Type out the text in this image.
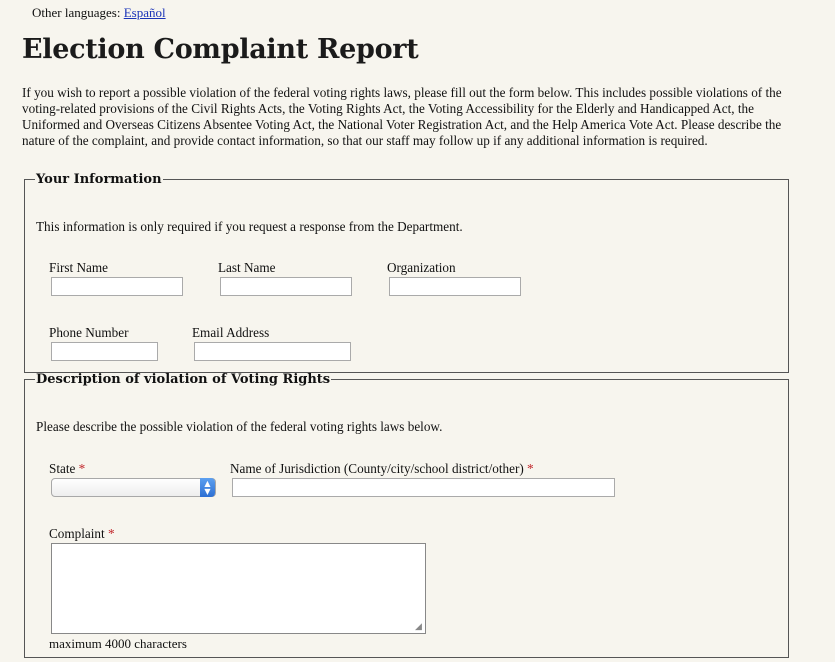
Other languages: Español
Election Complaint Report

If you wish to report a possible violation of the federal voting rights laws, please fill out the form below. This includes possible violations of the voting-related provisions of the Civil Rights Acts, the Voting Rights Act, the Voting Accessibility for the Elderly and Handicapped Act, the Uniformed and Overseas Citizens Absentee Voting Act, the National Voter Registration Act, and the Help America Vote Act. Please describe the nature of the complaint, and provide contact information, so that our staff may follow up if any additional information is required.

Your Information
This information is only required if you request a response from the Department.
First Name	Last Name	Organization
Phone Number	Email Address
Description of violation of Voting Rights
Please describe the possible violation of the federal voting rights laws below.
State *
▲
▼
Name of Jurisdiction (County/city/school district/other) *
Complaint *
◢
maximum 4000 characters
